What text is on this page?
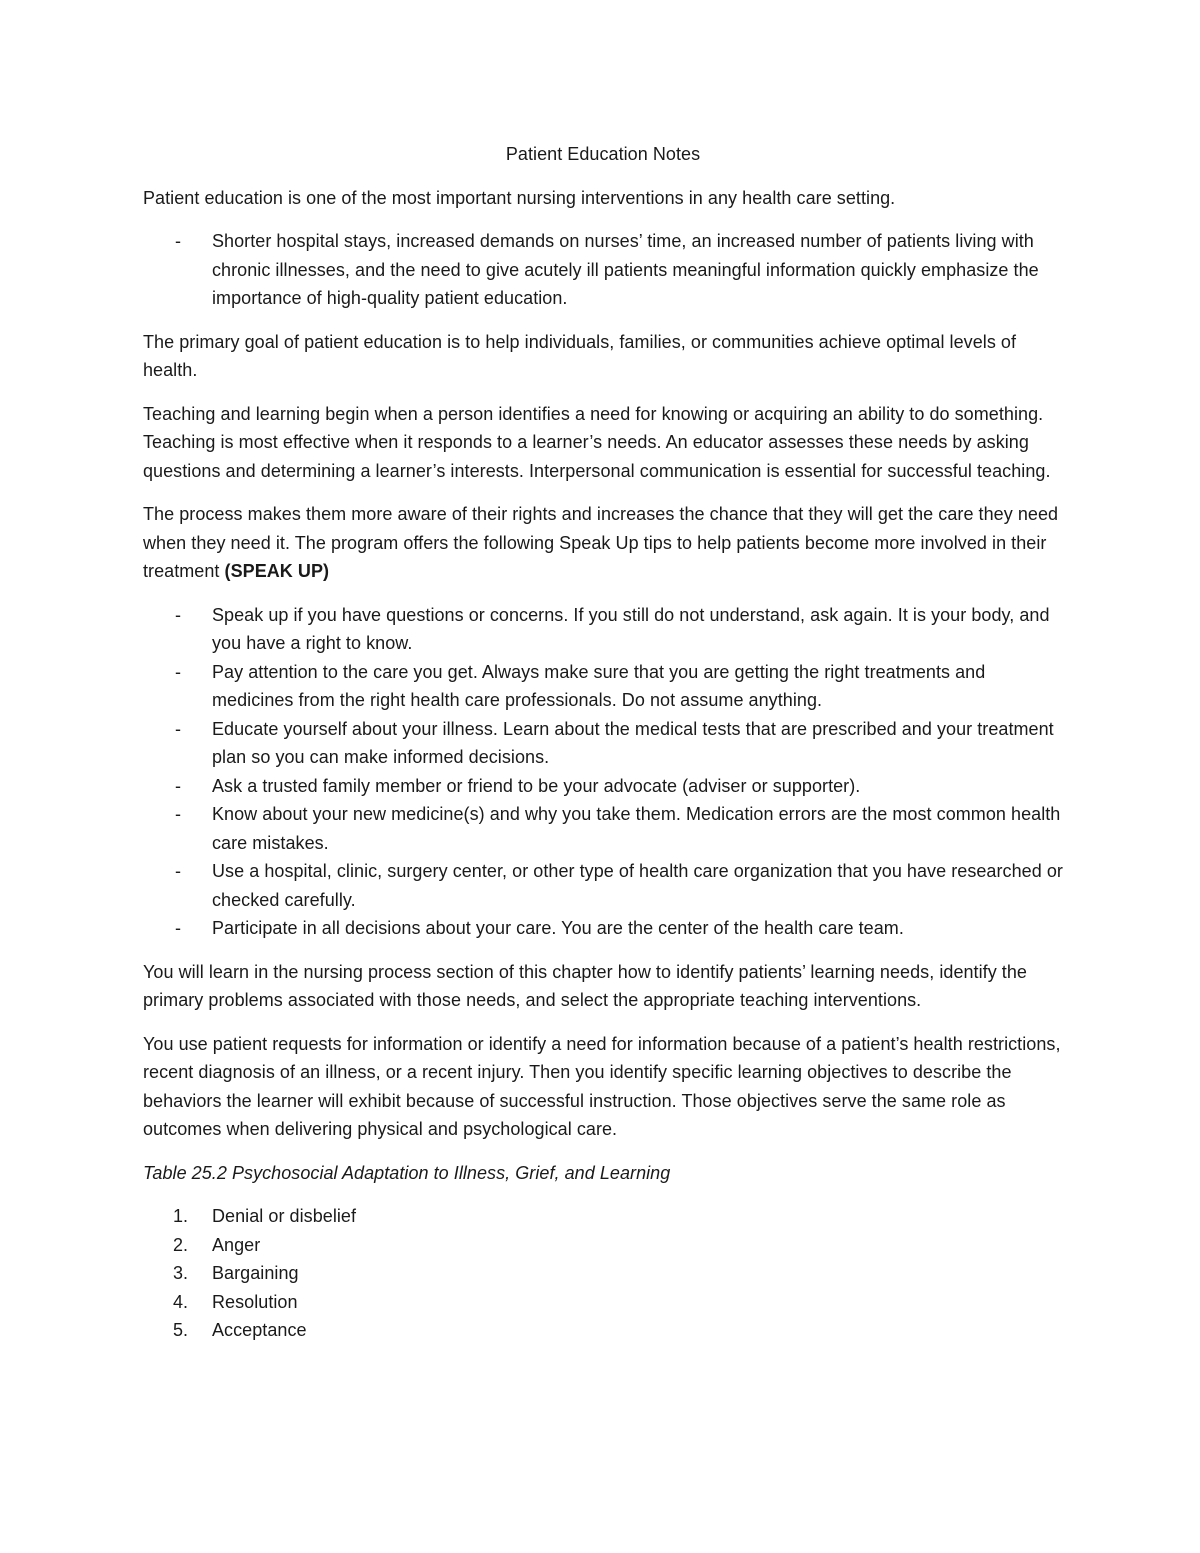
Patient Education Notes

Patient education is one of the most important nursing interventions in any health care setting.

- Shorter hospital stays, increased demands on nurses’ time, an increased number of patients living with chronic illnesses, and the need to give acutely ill patients meaningful information quickly emphasize the importance of high-quality patient education.

The primary goal of patient education is to help individuals, families, or communities achieve optimal levels of health.

Teaching and learning begin when a person identifies a need for knowing or acquiring an ability to do something. Teaching is most effective when it responds to a learner’s needs. An educator assesses these needs by asking questions and determining a learner’s interests. Interpersonal communication is essential for successful teaching.

The process makes them more aware of their rights and increases the chance that they will get the care they need when they need it. The program offers the following Speak Up tips to help patients become more involved in their treatment (SPEAK UP)

- Speak up if you have questions or concerns. If you still do not understand, ask again. It is your body, and you have a right to know.
- Pay attention to the care you get. Always make sure that you are getting the right treatments and medicines from the right health care professionals. Do not assume anything.
- Educate yourself about your illness. Learn about the medical tests that are prescribed and your treatment plan so you can make informed decisions.
- Ask a trusted family member or friend to be your advocate (adviser or supporter).
- Know about your new medicine(s) and why you take them. Medication errors are the most common health care mistakes.
- Use a hospital, clinic, surgery center, or other type of health care organization that you have researched or checked carefully.
- Participate in all decisions about your care. You are the center of the health care team.

You will learn in the nursing process section of this chapter how to identify patients’ learning needs, identify the primary problems associated with those needs, and select the appropriate teaching interventions.

You use patient requests for information or identify a need for information because of a patient’s health restrictions, recent diagnosis of an illness, or a recent injury. Then you identify specific learning objectives to describe the behaviors the learner will exhibit because of successful instruction. Those objectives serve the same role as outcomes when delivering physical and psychological care.

Table 25.2 Psychosocial Adaptation to Illness, Grief, and Learning

1. Denial or disbelief
2. Anger
3. Bargaining
4. Resolution
5. Acceptance
